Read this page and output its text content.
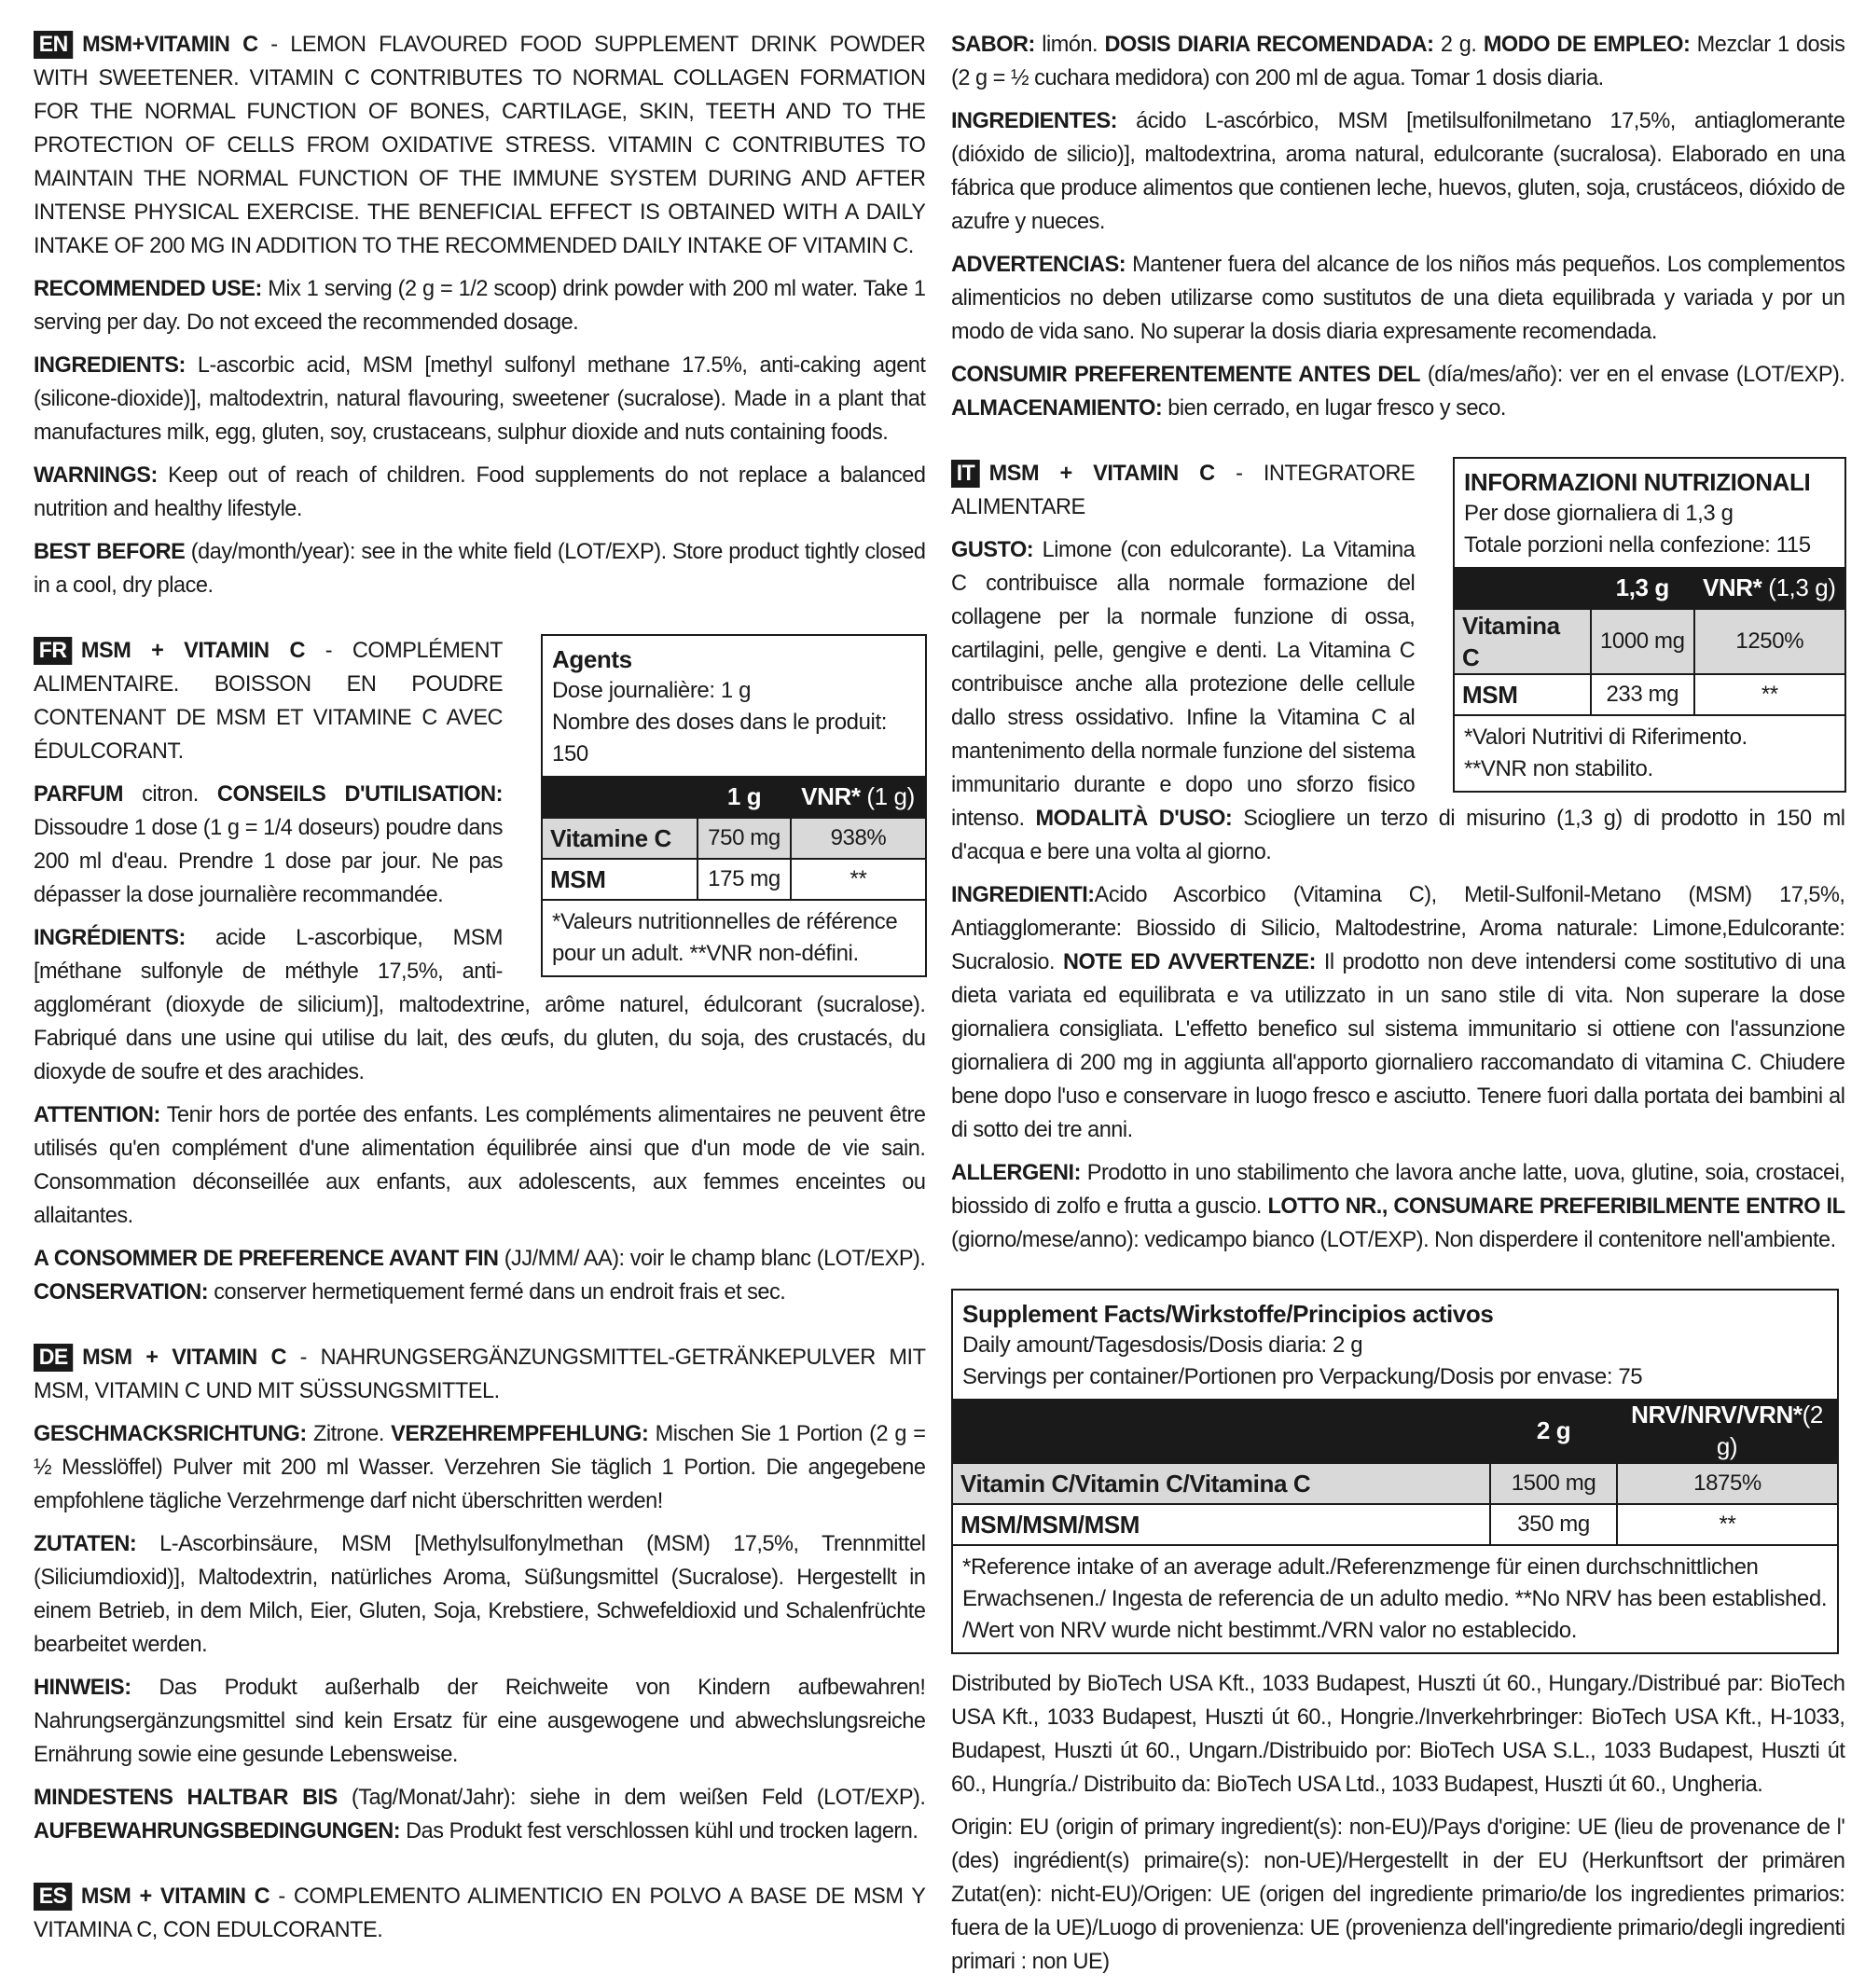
EN MSM+VITAMIN C - LEMON FLAVOURED FOOD SUPPLEMENT DRINK POWDER WITH SWEETENER. VITAMIN C CONTRIBUTES TO NORMAL COLLAGEN FORMATION FOR THE NORMAL FUNCTION OF BONES, CARTILAGE, SKIN, TEETH AND TO THE PROTECTION OF CELLS FROM OXIDATIVE STRESS. VITAMIN C CONTRIBUTES TO MAINTAIN THE NORMAL FUNCTION OF THE IMMUNE SYSTEM DURING AND AFTER INTENSE PHYSICAL EXERCISE. THE BENEFICIAL EFFECT IS OBTAINED WITH A DAILY INTAKE OF 200 MG IN ADDITION TO THE RECOMMENDED DAILY INTAKE OF VITAMIN C.

RECOMMENDED USE: Mix 1 serving (2 g = 1/2 scoop) drink powder with 200 ml water. Take 1 serving per day. Do not exceed the recommended dosage.

INGREDIENTS: L-ascorbic acid, MSM [methyl sulfonyl methane 17.5%, anti-caking agent (silicone-dioxide)], maltodextrin, natural flavouring, sweetener (sucralose). Made in a plant that manufactures milk, egg, gluten, soy, crustaceans, sulphur dioxide and nuts containing foods.

WARNINGS: Keep out of reach of children. Food supplements do not replace a balanced nutrition and healthy lifestyle.

BEST BEFORE (day/month/year): see in the white field (LOT/EXP). Store product tightly closed in a cool, dry place.

Agents
Dose journalière: 1 g
Nombre des doses dans le produit: 150
	1 g	VNR* (1 g)
Vitamine C	750 mg	938%
MSM	175 mg	**
*Valeurs nutritionnelles de référence pour un adult. **VNR non-défini.

FR MSM + VITAMIN C - COMPLÉMENT ALIMENTAIRE. BOISSON EN POUDRE CONTENANT DE MSM ET VITAMINE C AVEC ÉDULCORANT.

PARFUM citron. CONSEILS D'UTILISATION: Dissoudre 1 dose (1 g = 1/4 doseurs) poudre dans 200 ml d'eau. Prendre 1 dose par jour. Ne pas dépasser la dose journalière recommandée.

INGRÉDIENTS: acide L-ascorbique, MSM [méthane sulfonyle de méthyle 17,5%, anti-agglomérant (dioxyde de silicium)], maltodextrine, arôme naturel, édulcorant (sucralose). Fabriqué dans une usine qui utilise du lait, des œufs, du gluten, du soja, des crustacés, du dioxyde de soufre et des arachides.

ATTENTION: Tenir hors de portée des enfants. Les compléments alimentaires ne peuvent être utilisés qu'en complément d'une alimentation équilibrée ainsi que d'un mode de vie sain. Consommation déconseillée aux enfants, aux adolescents, aux femmes enceintes ou allaitantes.

A CONSOMMER DE PREFERENCE AVANT FIN (JJ/MM/ AA): voir le champ blanc (LOT/EXP). CONSERVATION: conserver hermetiquement fermé dans un endroit frais et sec.

DE MSM + VITAMIN C - NAHRUNGSERGÄNZUNGSMITTEL-GETRÄNKEPULVER MIT MSM, VITAMIN C UND MIT SÜSSUNGSMITTEL.

GESCHMACKSRICHTUNG: Zitrone. VERZEHREMPFEHLUNG: Mischen Sie 1 Portion (2 g = ½ Messlöffel) Pulver mit 200 ml Wasser. Verzehren Sie täglich 1 Portion. Die angegebene empfohlene tägliche Verzehrmenge darf nicht überschritten werden!

ZUTATEN: L-Ascorbinsäure, MSM [Methylsulfonylmethan (MSM) 17,5%, Trennmittel (Siliciumdioxid)], Maltodextrin, natürliches Aroma, Süßungsmittel (Sucralose). Hergestellt in einem Betrieb, in dem Milch, Eier, Gluten, Soja, Krebstiere, Schwefeldioxid und Schalenfrüchte bearbeitet werden.

HINWEIS: Das Produkt außerhalb der Reichweite von Kindern aufbewahren! Nahrungsergänzungsmittel sind kein Ersatz für eine ausgewogene und abwechslungsreiche Ernährung sowie eine gesunde Lebensweise.

MINDESTENS HALTBAR BIS (Tag/Monat/Jahr): siehe in dem weißen Feld (LOT/EXP). AUFBEWAHRUNGSBEDINGUNGEN: Das Produkt fest verschlossen kühl und trocken lagern.

ES MSM + VITAMIN C - COMPLEMENTO ALIMENTICIO EN POLVO A BASE DE MSM Y VITAMINA C, CON EDULCORANTE.

SABOR: limón. DOSIS DIARIA RECOMENDADA: 2 g. MODO DE EMPLEO: Mezclar 1 dosis (2 g = ½ cuchara medidora) con 200 ml de agua. Tomar 1 dosis diaria.

INGREDIENTES: ácido L-ascórbico, MSM [metilsulfonilmetano 17,5%, antiaglomerante (dióxido de silicio)], maltodextrina, aroma natural, edulcorante (sucralosa). Elaborado en una fábrica que produce alimentos que contienen leche, huevos, gluten, soja, crustáceos, dióxido de azufre y nueces.

ADVERTENCIAS: Mantener fuera del alcance de los niños más pequeños. Los complementos alimenticios no deben utilizarse como sustitutos de una dieta equilibrada y variada y por un modo de vida sano. No superar la dosis diaria expresamente recomendada.

CONSUMIR PREFERENTEMENTE ANTES DEL (día/mes/año): ver en el envase (LOT/EXP). ALMACENAMIENTO: bien cerrado, en lugar fresco y seco.

INFORMAZIONI NUTRIZIONALI
Per dose giornaliera di 1,3 g
Totale porzioni nella confezione: 115
	1,3 g	VNR* (1,3 g)
Vitamina C	1000 mg	1250%
MSM	233 mg	**
*Valori Nutritivi di Riferimento.
**VNR non stabilito.

IT MSM + VITAMIN C - INTEGRATORE ALIMENTARE

GUSTO: Limone (con edulcorante). La Vitamina C contribuisce alla normale formazione del collagene per la normale funzione di ossa, cartilagini, pelle, gengive e denti. La Vitamina C contribuisce anche alla protezione delle cellule dallo stress ossidativo. Infine la Vitamina C al mantenimento della normale funzione del sistema immunitario durante e dopo uno sforzo fisico intenso. MODALITÀ D'USO: Sciogliere un terzo di misurino (1,3 g) di prodotto in 150 ml d'acqua e bere una volta al giorno.

INGREDIENTI:Acido Ascorbico (Vitamina C), Metil-Sulfonil-Metano (MSM) 17,5%, Antiagglomerante: Biossido di Silicio, Maltodestrine, Aroma naturale: Limone,Edulcorante: Sucralosio. NOTE ED AVVERTENZE: Il prodotto non deve intendersi come sostitutivo di una dieta variata ed equilibrata e va utilizzato in un sano stile di vita. Non superare la dose giornaliera consigliata. L'effetto benefico sul sistema immunitario si ottiene con l'assunzione giornaliera di 200 mg in aggiunta all'apporto giornaliero raccomandato di vitamina C. Chiudere bene dopo l'uso e conservare in luogo fresco e asciutto. Tenere fuori dalla portata dei bambini al di sotto dei tre anni.

ALLERGENI: Prodotto in uno stabilimento che lavora anche latte, uova, glutine, soia, crostacei, biossido di zolfo e frutta a guscio. LOTTO NR., CONSUMARE PREFERIBILMENTE ENTRO IL (giorno/mese/anno): vedicampo bianco (LOT/EXP). Non disperdere il contenitore nell'ambiente.

Supplement Facts/Wirkstoffe/Principios activos
Daily amount/Tagesdosis/Dosis diaria: 2 g
Servings per container/Portionen pro Verpackung/Dosis por envase: 75
	2 g	NRV/NRV/VRN*(2 g)
Vitamin C/Vitamin C/Vitamina C	1500 mg	1875%
MSM/MSM/MSM	350 mg	**
*Reference intake of an average adult./Referenzmenge für einen durchschnittlichen Erwachsenen./ Ingesta de referencia de un adulto medio. **No NRV has been established. /Wert von NRV wurde nicht bestimmt./VRN valor no establecido.

Distributed by BioTech USA Kft., 1033 Budapest, Huszti út 60., Hungary./Distribué par: BioTech USA Kft., 1033 Budapest, Huszti út 60., Hongrie./Inverkehrbringer: BioTech USA Kft., H-1033, Budapest, Huszti út 60., Ungarn./Distribuido por: BioTech USA S.L., 1033 Budapest, Huszti út 60., Hungría./ Distribuito da: BioTech USA Ltd., 1033 Budapest, Huszti út 60., Ungheria.

Origin: EU (origin of primary ingredient(s): non-EU)/Pays d'origine: UE (lieu de provenance de l' (des) ingrédient(s) primaire(s): non-UE)/Hergestellt in der EU (Herkunftsort der primären Zutat(en): nicht-EU)/Origen: UE (origen del ingrediente primario/de los ingredientes primarios: fuera de la UE)/Luogo di provenienza: UE (provenienza dell'ingrediente primario/degli ingredienti primari : non UE)
